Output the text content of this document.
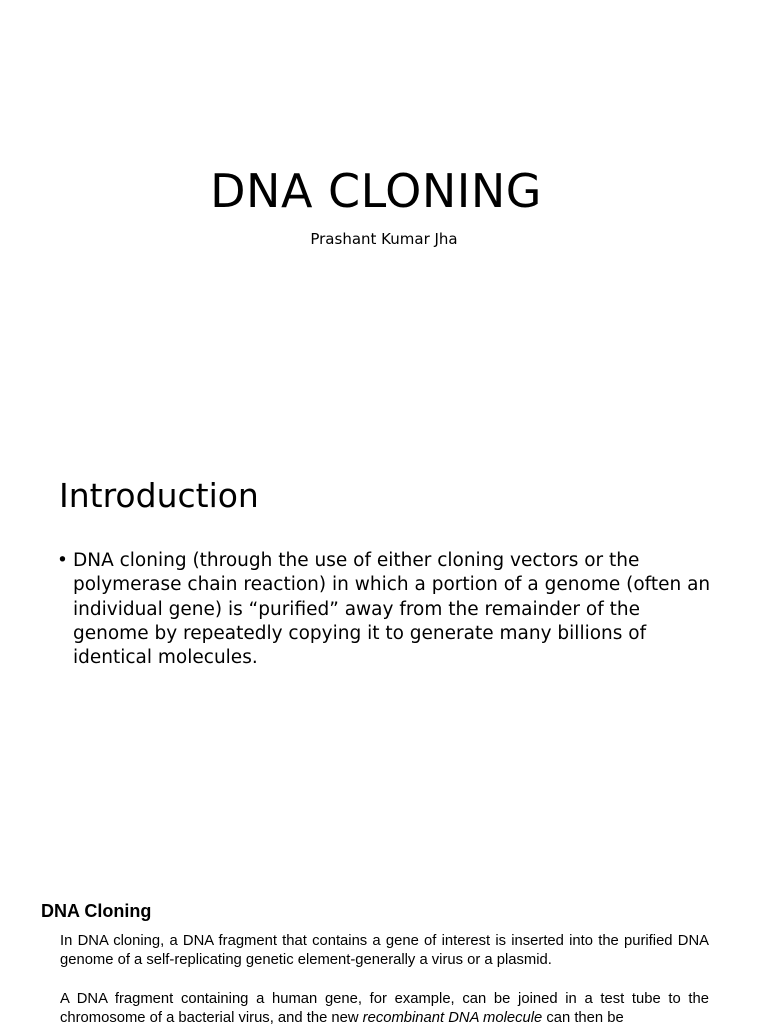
DNA CLONING
Prashant Kumar Jha
Introduction
• DNA cloning (through the use of either cloning vectors or the polymerase chain reaction) in which a portion of a genome (often an individual gene) is “purified” away from the remainder of the genome by repeatedly copying it to generate many billions of identical molecules.
DNA Cloning
In DNA cloning, a DNA fragment that contains a gene of interest is inserted into the purified DNA genome of a self-replicating genetic element-generally a virus or a plasmid.
A DNA fragment containing a human gene, for example, can be joined in a test tube to the chromosome of a bacterial virus, and the new recombinant DNA molecule can then be
